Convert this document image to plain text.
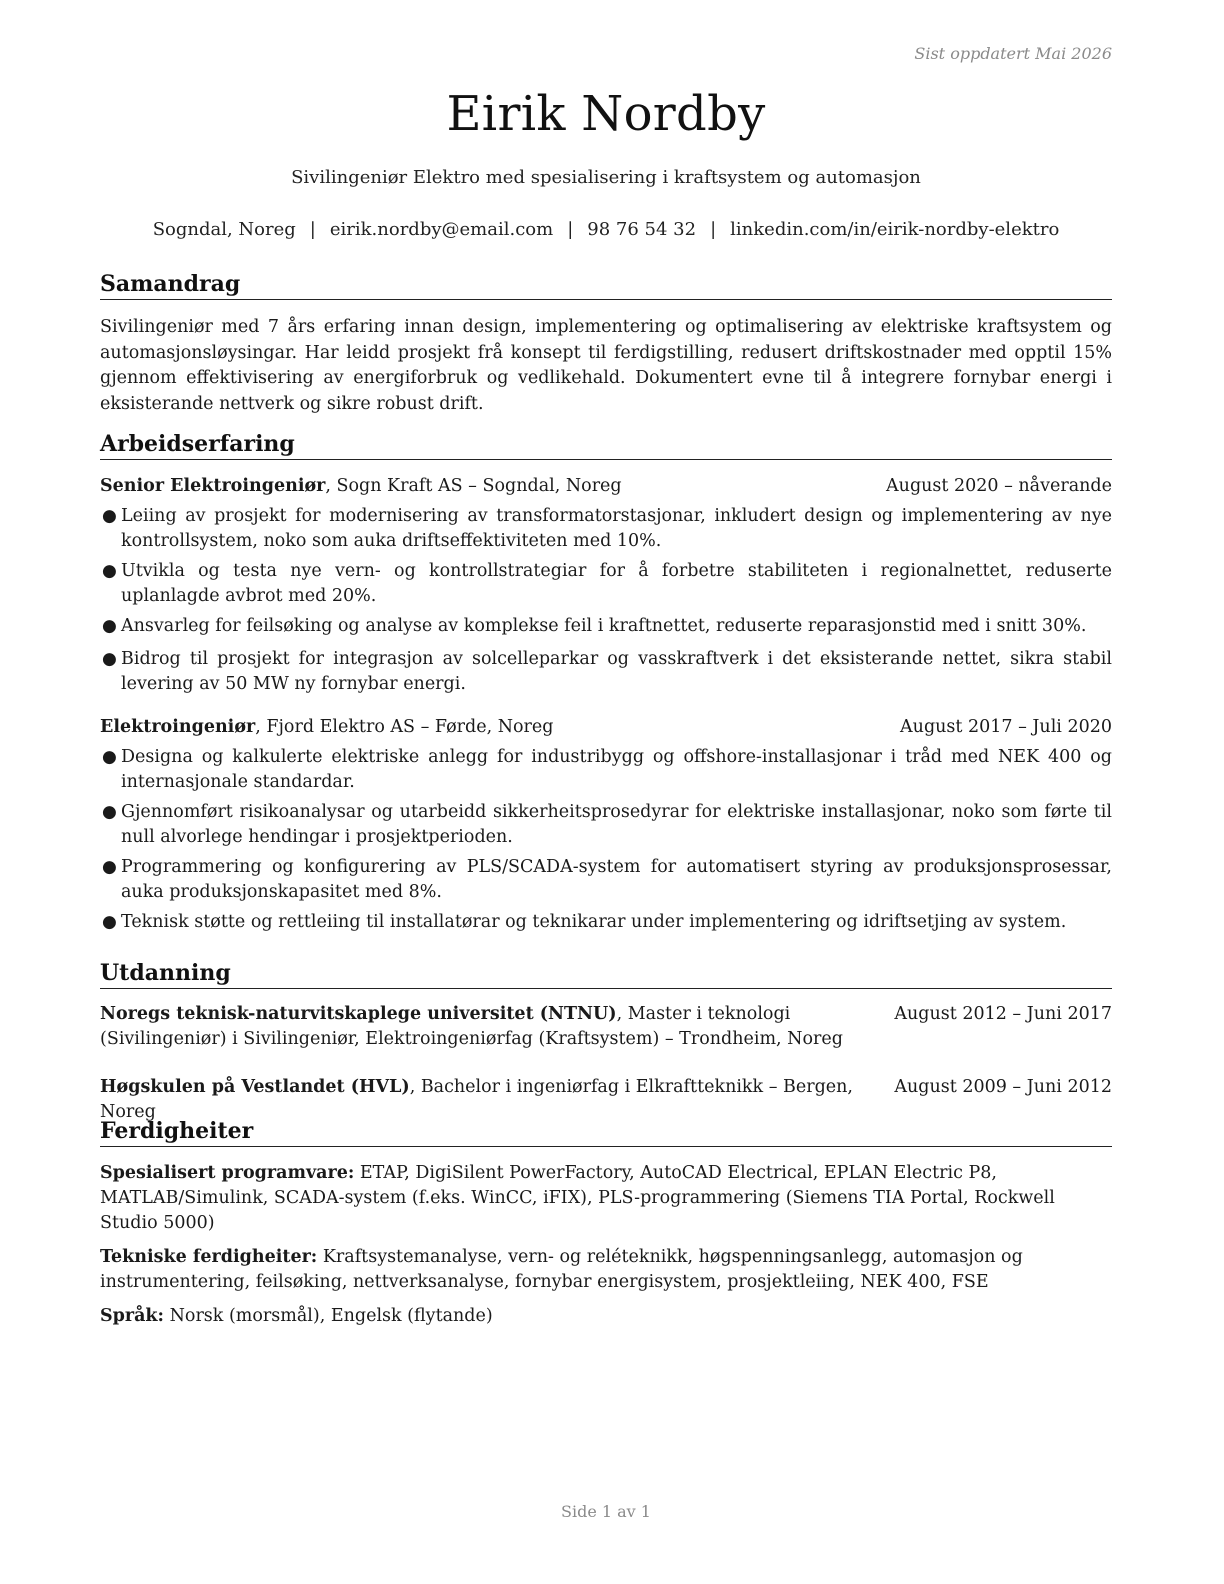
Sist oppdatert Mai 2026
Eirik Nordby
Sivilingeniør Elektro med spesialisering i kraftsystem og automasjon
Sogndal, Noreg | eirik.nordby@email.com | 98 76 54 32 | linkedin.com/in/eirik-nordby-elektro
Samandrag

Sivilingeniør med 7 års erfaring innan design, implementering og optimalisering av elektriske kraftsystem og automasjonsløysingar. Har leidd prosjekt frå konsept til ferdigstilling, redusert driftskostnader med opptil 15% gjennom effektivisering av energiforbruk og vedlikehald. Dokumentert evne til å integrere fornybar energi i eksisterande nettverk og sikre robust drift.

Arbeidserfaring
Senior Elektroingeniør, Sogn Kraft AS – Sogndal, Noreg	August 2020 – nåverande
● Leiing av prosjekt for modernisering av transformatorstasjonar, inkludert design og implementering av nye kontrollsystem, noko som auka driftseffektiviteten med 10%.
● Utvikla og testa nye vern- og kontrollstrategiar for å forbetre stabiliteten i regionalnettet, reduserte uplanlagde avbrot med 20%.
● Ansvarleg for feilsøking og analyse av komplekse feil i kraftnettet, reduserte reparasjonstid med i snitt 30%.
● Bidrog til prosjekt for integrasjon av solcelleparkar og vasskraftverk i det eksisterande nettet, sikra stabil levering av 50 MW ny fornybar energi.
Elektroingeniør, Fjord Elektro AS – Førde, Noreg	August 2017 – Juli 2020
● Designa og kalkulerte elektriske anlegg for industribygg og offshore-installasjonar i tråd med NEK 400 og internasjonale standardar.
● Gjennomført risikoanalysar og utarbeidd sikkerheitsprosedyrar for elektriske installasjonar, noko som førte til null alvorlege hendingar i prosjektperioden.
● Programmering og konfigurering av PLS/SCADA-system for automatisert styring av produksjonsprosessar, auka produksjonskapasitet med 8%.
● Teknisk støtte og rettleiing til installatørar og teknikarar under implementering og idriftsetjing av system.
Utdanning
Noregs teknisk-naturvitskaplege universitet (NTNU), Master i teknologi (Sivilingeniør) i Sivilingeniør, Elektroingeniørfag (Kraftsystem) – Trondheim, Noreg
August 2012 – Juni 2017
Høgskulen på Vestlandet (HVL), Bachelor i ingeniørfag i Elkraftteknikk – Bergen, Noreg
August 2009 – Juni 2012
Ferdigheiter

Spesialisert programvare: ETAP, DigiSilent PowerFactory, AutoCAD Electrical, EPLAN Electric P8, MATLAB/Simulink, SCADA-system (f.eks. WinCC, iFIX), PLS-programmering (Siemens TIA Portal, Rockwell Studio 5000)

Tekniske ferdigheiter: Kraftsystemanalyse, vern- og reléteknikk, høgspenningsanlegg, automasjon og instrumentering, feilsøking, nettverksanalyse, fornybar energisystem, prosjektleiing, NEK 400, FSE

Språk: Norsk (morsmål), Engelsk (flytande)

Side 1 av 1
